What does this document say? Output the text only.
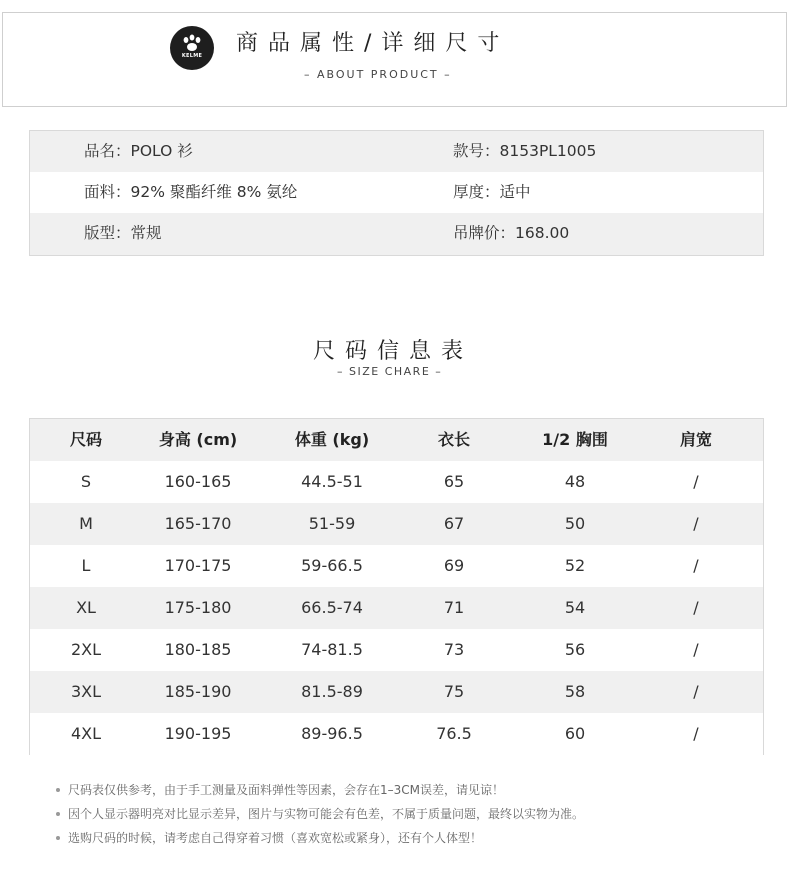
KELME	商品属性/详细尺寸
– ABOUT PRODUCT –
品名：POLO 衫	款号：8153PL1005
面料：92% 聚酯纤维 8% 氨纶	厚度：适中
版型：常规	吊牌价：168.00
尺码信息表
– SIZE CHARE –
尺码	身高 (cm)	体重 (kg)	衣长	1/2 胸围	肩宽
S	160-165	44.5-51	65	48	/
M	165-170	51-59	67	50	/
L	170-175	59-66.5	69	52	/
XL	175-180	66.5-74	71	54	/
2XL	180-185	74-81.5	73	56	/
3XL	185-190	81.5-89	75	58	/
4XL	190-195	89-96.5	76.5	60	/
尺码表仅供参考，由于手工测量及面料弹性等因素，会存在1–3CM误差，请见谅！
因个人显示器明亮对比显示差异，图片与实物可能会有色差，不属于质量问题，最终以实物为准。
选购尺码的时候，请考虑自己得穿着习惯（喜欢宽松或紧身），还有个人体型！
